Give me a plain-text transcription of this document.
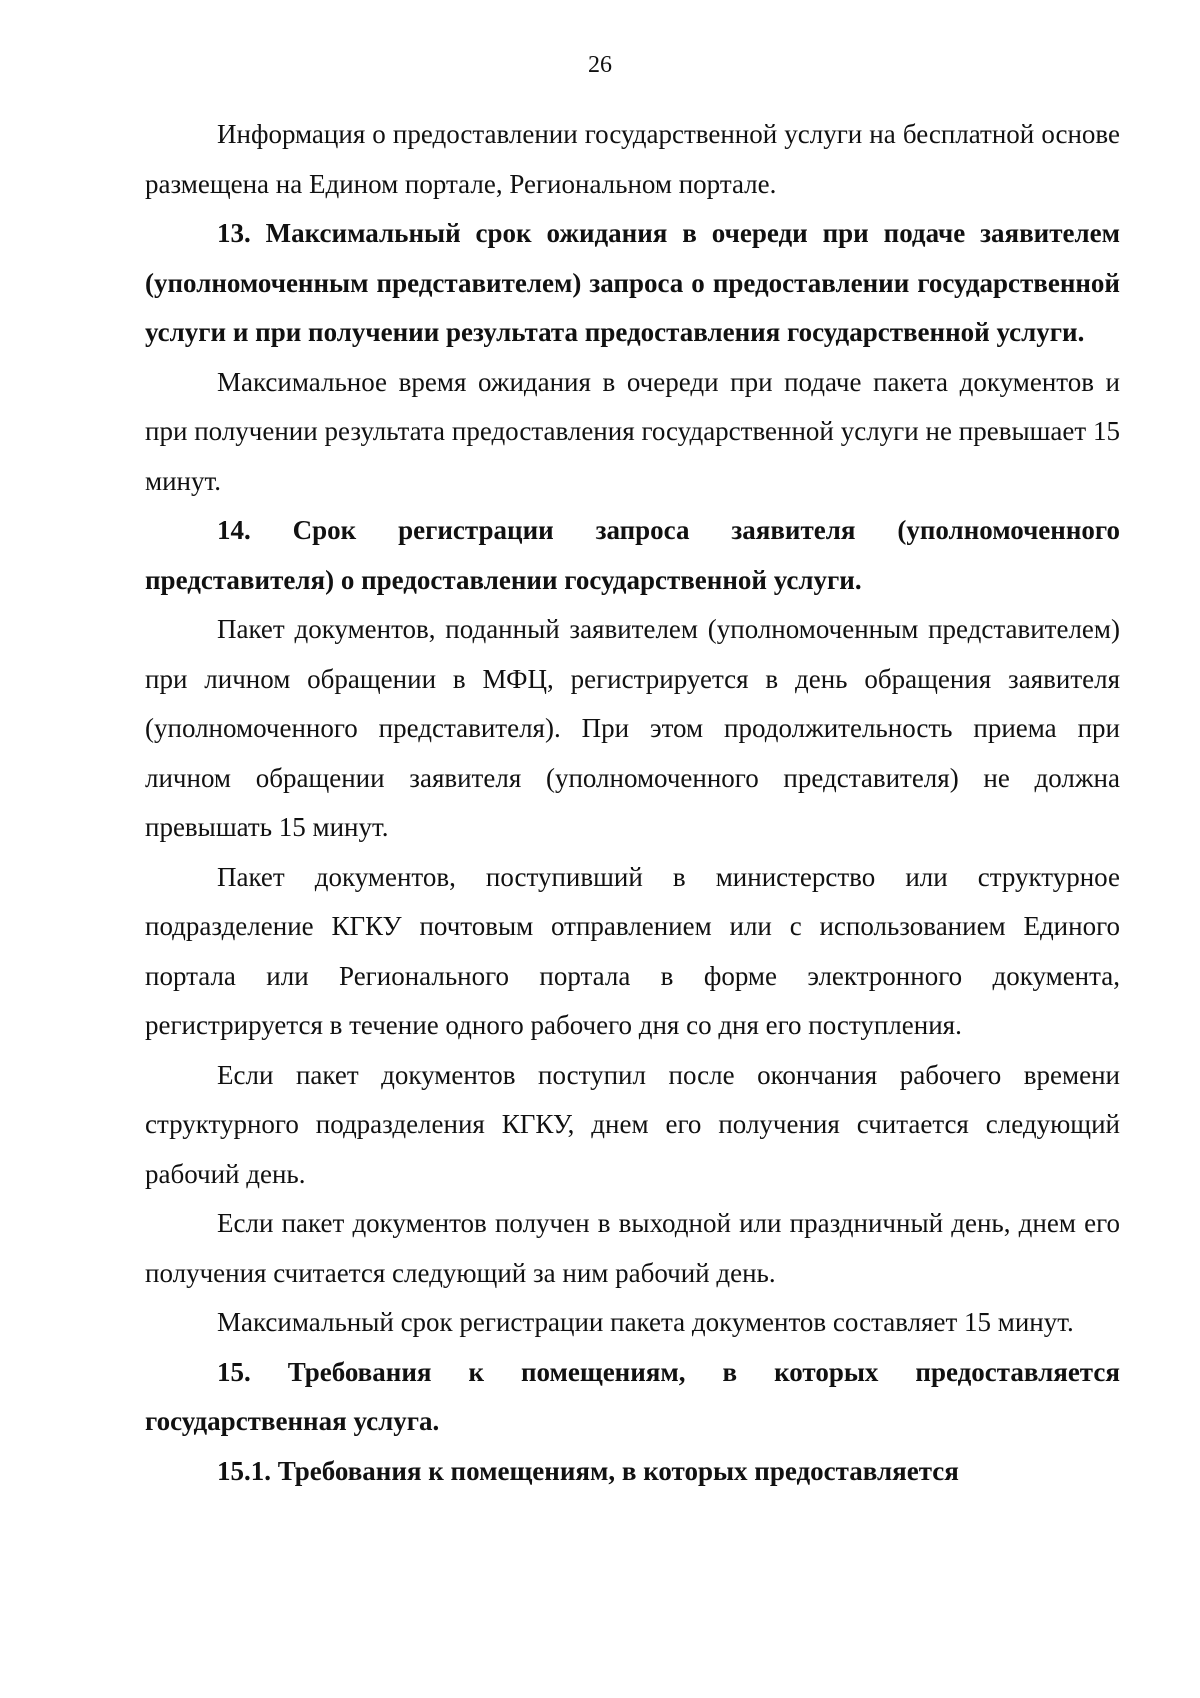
26

Информация о предоставлении государственной услуги на бесплатной основе размещена на Едином портале, Региональном портале.

13. Максимальный срок ожидания в очереди при подаче заявителем (уполномоченным представителем) запроса о предоставлении государственной услуги и при получении результата предоставления государственной услуги.

Максимальное время ожидания в очереди при подаче пакета документов и при получении результата предоставления государственной услуги не превышает 15 минут.

14. Срок регистрации запроса заявителя (уполномоченного представителя) о предоставлении государственной услуги.

Пакет документов, поданный заявителем (уполномоченным представителем) при личном обращении в МФЦ, регистрируется в день обращения заявителя (уполномоченного представителя). При этом продолжительность приема при личном обращении заявителя (уполномоченного представителя) не должна превышать 15 минут.

Пакет документов, поступивший в министерство или структурное подразделение КГКУ почтовым отправлением или с использованием Единого портала или Регионального портала в форме электронного документа, регистрируется в течение одного рабочего дня со дня его поступления.

Если пакет документов поступил после окончания рабочего времени структурного подразделения КГКУ, днем его получения считается следующий рабочий день.

Если пакет документов получен в выходной или праздничный день, днем его получения считается следующий за ним рабочий день.

Максимальный срок регистрации пакета документов составляет 15 минут.

15. Требования к помещениям, в которых предоставляется государственная услуга.

15.1. Требования к помещениям, в которых предоставляется
